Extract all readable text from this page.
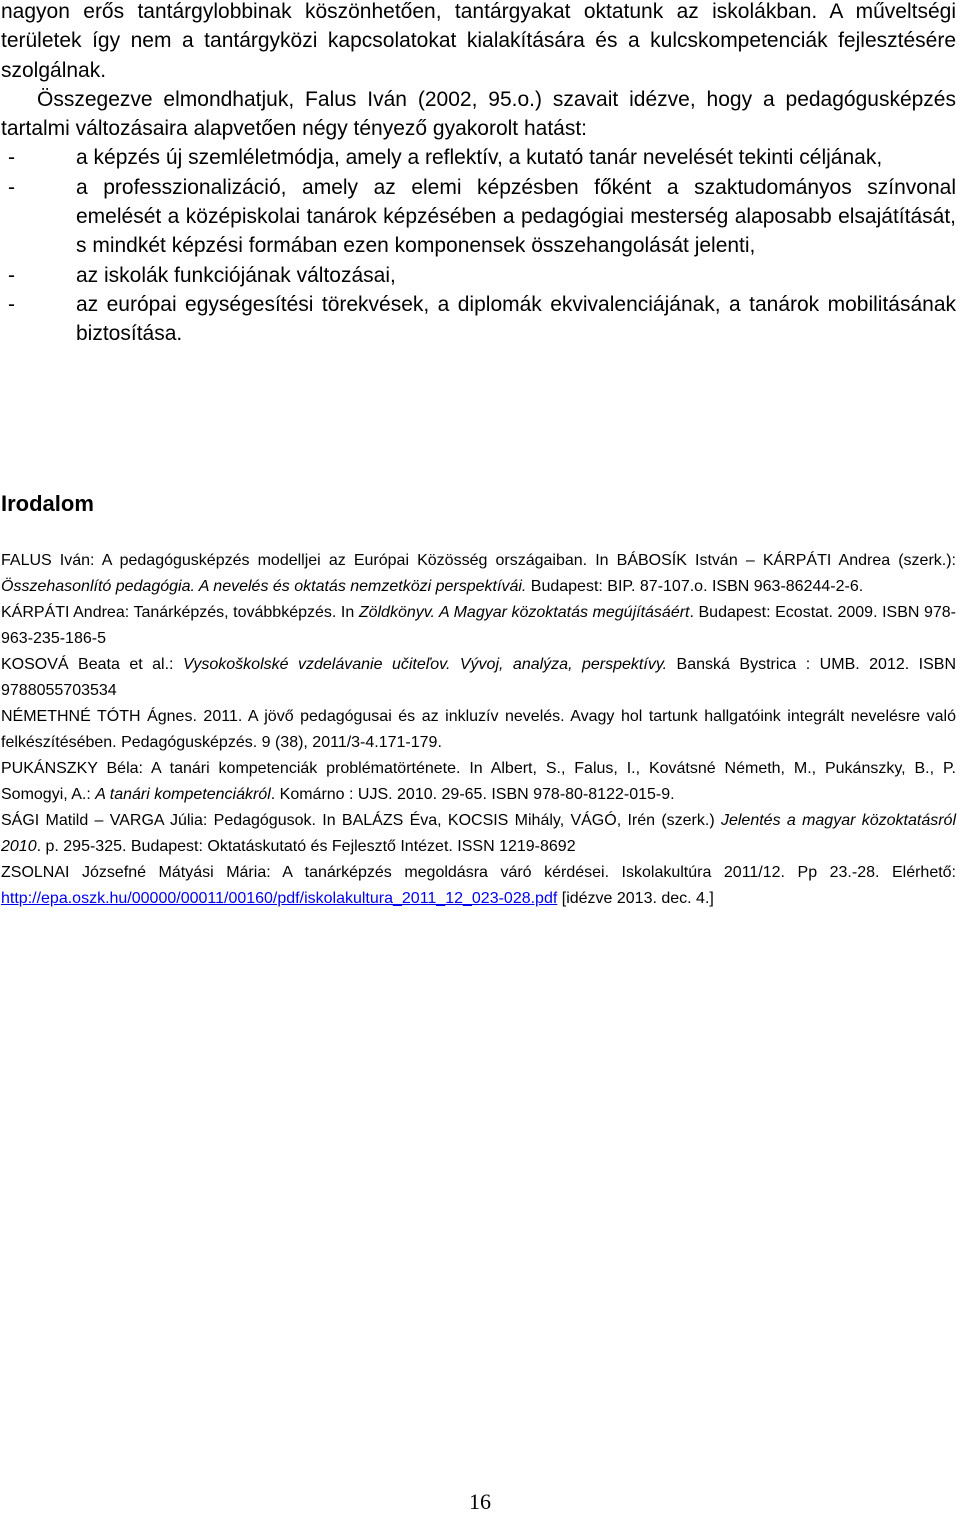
nagyon erős tantárgylobbinak köszönhetően, tantárgyakat oktatunk az iskolákban. A műveltségi területek így nem a tantárgyközi kapcsolatokat kialakítására és a kulcskompetenciák fejlesztésére szolgálnak.

Összegezve elmondhatjuk, Falus Iván (2002, 95.o.) szavait idézve, hogy a pedagógusképzés tartalmi változásaira alapvetően négy tényező gyakorolt hatást:

-	a képzés új szemléletmódja, amely a reflektív, a kutató tanár nevelését tekinti céljának,
-	a professzionalizáció, amely az elemi képzésben főként a szaktudományos színvonal emelését a középiskolai tanárok képzésében a pedagógiai mesterség alaposabb elsajátítását, s mindkét képzési formában ezen komponensek összehangolását jelenti,
-	az iskolák funkciójának változásai,
-	az európai egységesítési törekvések, a diplomák ekvivalenciájának, a tanárok mobilitásának biztosítása.
Irodalom

FALUS Iván: A pedagógusképzés modelljei az Európai Közösség országaiban. In BÁBOSÍK István – KÁRPÁTI Andrea (szerk.): Összehasonlító pedagógia. A nevelés és oktatás nemzetközi perspektívái. Budapest: BIP. 87-107.o. ISBN 963-86244-2-6.

KÁRPÁTI Andrea: Tanárképzés, továbbképzés. In Zöldkönyv. A Magyar közoktatás megújításáért. Budapest: Ecostat. 2009. ISBN 978-963-235-186-5

KOSOVÁ Beata et al.: Vysokoškolské vzdelávanie učiteľov. Vývoj, analýza, perspektívy. Banská Bystrica : UMB. 2012. ISBN 9788055703534

NÉMETHNÉ TÓTH Ágnes. 2011. A jövő pedagógusai és az inkluzív nevelés. Avagy hol tartunk hallgatóink integrált nevelésre való felkészítésében. Pedagógusképzés. 9 (38), 2011/3-4.171-179.

PUKÁNSZKY Béla: A tanári kompetenciák problématörténete. In Albert, S., Falus, I., Kovátsné Németh, M., Pukánszky, B., P. Somogyi, A.: A tanári kompetenciákról. Komárno : UJS. 2010. 29-65. ISBN 978-80-8122-015-9.

SÁGI Matild – VARGA Júlia: Pedagógusok. In BALÁZS Éva, KOCSIS Mihály, VÁGÓ, Irén (szerk.) Jelentés a magyar közoktatásról 2010. p. 295-325. Budapest: Oktatáskutató és Fejlesztő Intézet. ISSN 1219-8692

ZSOLNAI Józsefné Mátyási Mária: A tanárképzés megoldásra váró kérdései. Iskolakultúra 2011/12. Pp 23.-28. Elérhető: http://epa.oszk.hu/00000/00011/00160/pdf/iskolakultura_2011_12_023-028.pdf [idézve 2013. dec. 4.]

16
